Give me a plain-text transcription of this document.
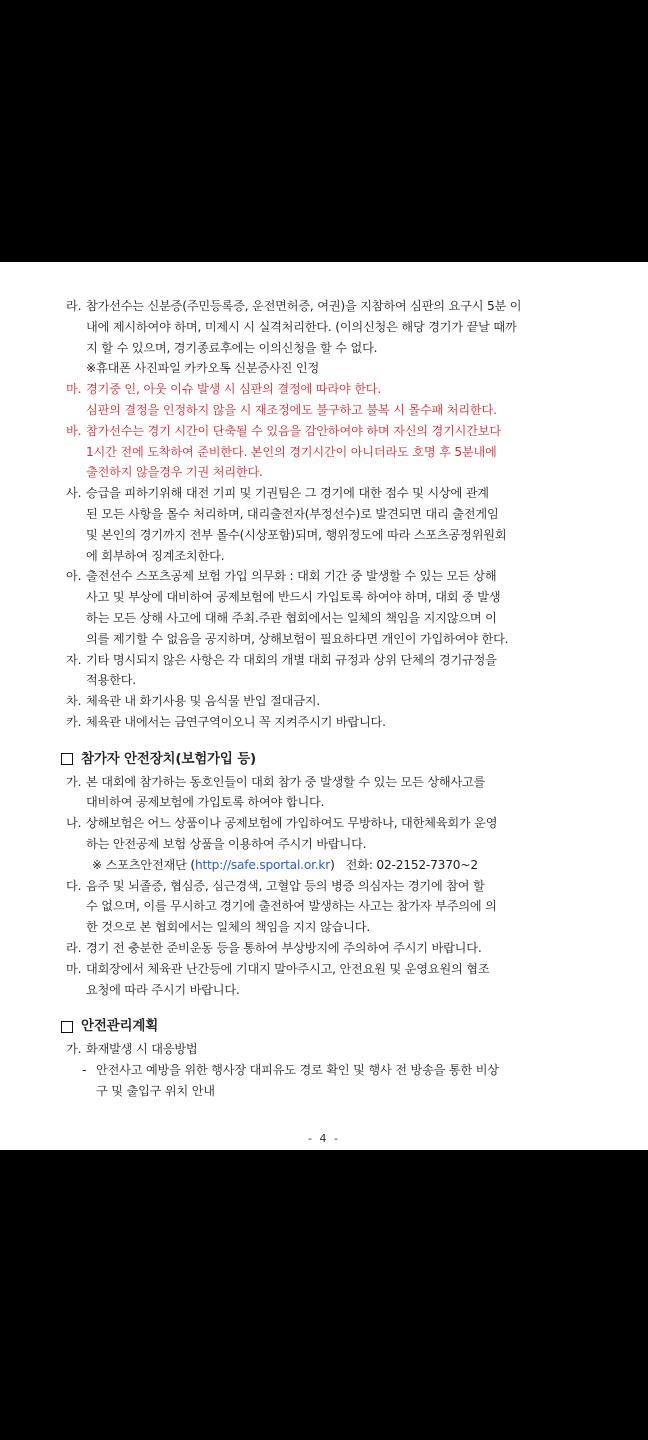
라. 참가선수는 신분증(주민등록증, 운전면허증, 여권)을 지참하여 심판의 요구시 5분 이
내에 제시하여야 하며, 미제시 시 실격처리한다. (이의신청은 해당 경기가 끝날 때까
지 할 수 있으며, 경기종료후에는 이의신청을 할 수 없다.
※휴대폰 사진파일 카카오톡 신분증사진 인정
마. 경기중 인, 아웃 이슈 발생 시 심판의 결정에 따라야 한다.
심판의 결정을 인정하지 않을 시 재조정에도 불구하고 불복 시 몰수패 처리한다.
바. 참가선수는 경기 시간이 단축될 수 있음을 감안하여야 하며 자신의 경기시간보다
1시간 전에 도착하여 준비한다. 본인의 경기시간이 아니더라도 호명 후 5분내에
출전하지 않을경우 기권 처리한다.
사. 승급을 피하기위해 대전 기피 및 기권팀은 그 경기에 대한 점수 및 시상에 관계
된 모든 사항을 몰수 처리하며, 대리출전자(부정선수)로 발견되면 대리 출전게임
및 본인의 경기까지 전부 몰수(시상포함)되며, 행위정도에 따라 스포츠공정위원회
에 회부하여 징계조치한다.
아. 출전선수 스포츠공제 보험 가입 의무화 : 대회 기간 중 발생할 수 있는 모든 상해
사고 및 부상에 대비하여 공제보험에 반드시 가입토록 하여야 하며, 대회 중 발생
하는 모든 상해 사고에 대해 주최.주관 협회에서는 일체의 책임을 지지않으며 이
의를 제기할 수 없음을 공지하며, 상해보험이 필요하다면 개인이 가입하여야 한다.
자. 기타 명시되지 않은 사항은 각 대회의 개별 대회 규정과 상위 단체의 경기규정을
적용한다.
차. 체육관 내 화기사용 및 음식물 반입 절대금지.
카. 체육관 내에서는 금연구역이오니 꼭 지켜주시기 바랍니다.
참가자 안전장치(보험가입 등)
가. 본 대회에 참가하는 동호인들이 대회 참가 중 발생할 수 있는 모든 상해사고를
대비하여 공제보험에 가입토록 하여야 합니다.
나. 상해보험은 어느 상품이나 공제보험에 가입하여도 무방하나, 대한체육회가 운영
하는 안전공제 보험 상품을 이용하여 주시기 바랍니다.
※ 스포츠안전재단 (http://safe.sportal.or.kr)   전화: 02-2152-7370~2
다. 음주 및 뇌졸증, 협심증, 심근경색, 고혈압 등의 병증 의심자는 경기에 참여 할
수 없으며, 이를 무시하고 경기에 출전하여 발생하는 사고는 참가자 부주의에 의
한 것으로 본 협회에서는 일체의 책임을 지지 않습니다.
라. 경기 전 충분한 준비운동 등을 통하여 부상방지에 주의하여 주시기 바랍니다.
마. 대회장에서 체육관 난간등에 기대지 말아주시고, 안전요원 및 운영요원의 협조
요청에 따라 주시기 바랍니다.
안전관리계획
가. 화재발생 시 대응방법
- 안전사고 예방을 위한 행사장 대피유도 경로 확인 및 행사 전 방송을 통한 비상
구 및 출입구 위치 안내
- 4 -
